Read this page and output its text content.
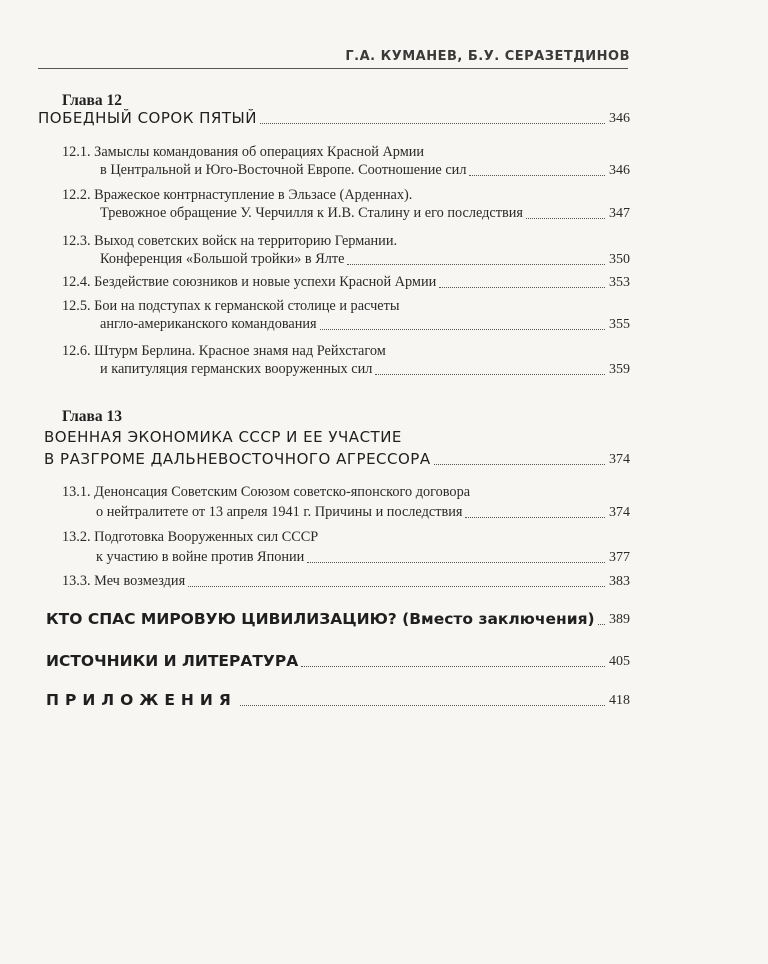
Г.А. КУМАНЕВ, Б.У. СЕРАЗЕТДИНОВ
Глава 12
ПОБЕДНЫЙ СОРОК ПЯТЫЙ	346
12.1. Замыслы командования об операциях Красной Армии
в Центральной и Юго-Восточной Европе. Соотношение сил	346
12.2. Вражеское контрнаступление в Эльзасе (Арденнах).
Тревожное обращение У. Черчилля к И.В. Сталину и его последствия	347
12.3. Выход советских войск на территорию Германии.
Конференция «Большой тройки» в Ялте	350
12.4. Бездействие союзников и новые успехи Красной Армии	353
12.5. Бои на подступах к германской столице и расчеты
англо-американского командования	355
12.6. Штурм Берлина. Красное знамя над Рейхстагом
и капитуляция германских вооруженных сил	359
Глава 13
ВОЕННАЯ ЭКОНОМИКА СССР И ЕЕ УЧАСТИЕ
В РАЗГРОМЕ ДАЛЬНЕВОСТОЧНОГО АГРЕССОРА	374
13.1. Денонсация Советским Союзом советско-японского договора
о нейтралитете от 13 апреля 1941 г. Причины и последствия	374
13.2. Подготовка Вооруженных сил СССР
к участию в войне против Японии	377
13.3. Меч возмездия	383
КТО СПАС МИРОВУЮ ЦИВИЛИЗАЦИЮ? (Вместо заключения) 389
ИСТОЧНИКИ И ЛИТЕРАТУРА	405
ПРИЛОЖЕНИЯ	418
